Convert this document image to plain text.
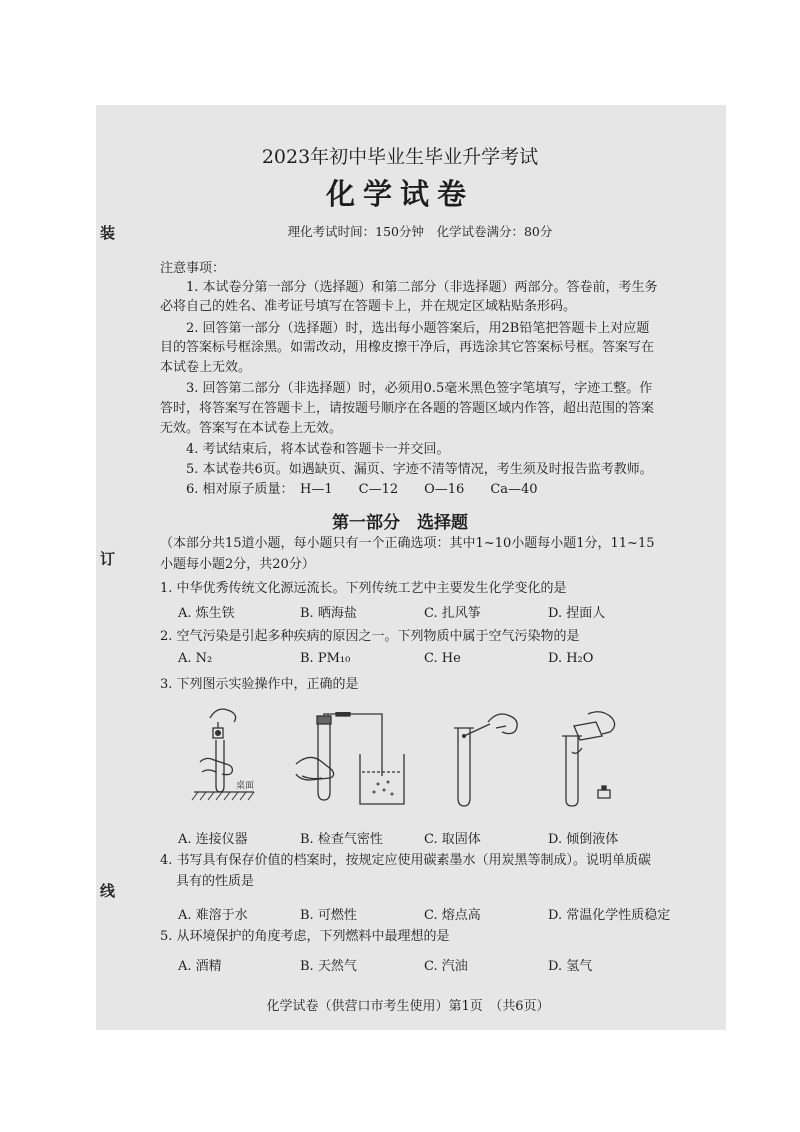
装
订
线
2023年初中毕业生毕业升学考试
化学试卷
理化考试时间：150分钟　化学试卷满分：80分
注意事项：
1. 本试卷分第一部分（选择题）和第二部分（非选择题）两部分。答卷前，考生务
必将自己的姓名、准考证号填写在答题卡上，并在规定区域粘贴条形码。
2. 回答第一部分（选择题）时，选出每小题答案后，用2B铅笔把答题卡上对应题
目的答案标号框涂黑。如需改动，用橡皮擦干净后，再选涂其它答案标号框。答案写在
本试卷上无效。
3. 回答第二部分（非选择题）时，必须用0.5毫米黑色签字笔填写，字迹工整。作
答时，将答案写在答题卡上，请按题号顺序在各题的答题区域内作答，超出范围的答案
无效。答案写在本试卷上无效。
4. 考试结束后，将本试卷和答题卡一并交回。
5. 本试卷共6页。如遇缺页、漏页、字迹不清等情况，考生须及时报告监考教师。
6. 相对原子质量：　H—1　　C—12　　O—16　　Ca—40
第一部分　选择题
（本部分共15道小题，每小题只有一个正确选项：其中1~10小题每小题1分，11~15
小题每小题2分，共20分）
1. 中华优秀传统文化源远流长。下列传统工艺中主要发生化学变化的是
A. 炼生铁	B. 晒海盐	C. 扎风筝	D. 捏面人
2. 空气污染是引起多种疾病的原因之一。下列物质中属于空气污染物的是
A. N₂	B. PM₁₀	C. He	D. H₂O
3. 下列图示实验操作中，正确的是
桌面
A. 连接仪器	B. 检查气密性	C. 取固体	D. 倾倒液体
4. 书写具有保存价值的档案时，按规定应使用碳素墨水（用炭黑等制成）。说明单质碳
具有的性质是
A. 难溶于水	B. 可燃性	C. 熔点高	D. 常温化学性质稳定
5. 从环境保护的角度考虑，下列燃料中最理想的是
A. 酒精	B. 天然气	C. 汽油	D. 氢气
化学试卷（供营口市考生使用）第1页　（共6页）
